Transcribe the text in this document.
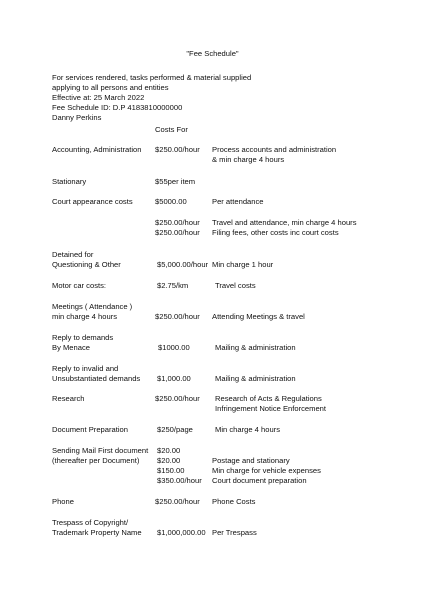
"Fee Schedule"
For services rendered, tasks performed & material supplied
applying to all persons and entities
Effective at: 25 March 2022
Fee Schedule ID: D.P 4183810000000
Danny Perkins
Costs For
Accounting, Administration $250.00/hour Process accounts and administration
& min charge 4 hours
Stationary	$55per item
Court appearance costs	$5000.00	Per attendance
$250.00/hour Travel and attendance, min charge 4 hours
$250.00/hour Filing fees, other costs inc court costs
Detained for
Questioning & Other	$5,000.00/hour Min charge 1 hour
Motor car costs:	$2.75/km	Travel costs
Meetings ( Attendance )
min charge 4 hours	$250.00/hour Attending Meetings & travel
Reply to demands
By Menace	$1000.00	Mailing & administration
Reply to invalid and
Unsubstantiated demands $1,000.00	Mailing & administration
Research	$250.00/hour Research of Acts & Regulations
Infringement Notice Enforcement
Document Preparation	$250/page	Min charge 4 hours
Sending Mail First document $20.00
(thereafter per Document) $20.00	Postage and stationary
$150.00	Min charge for vehicle expenses
$350.00/hour Court document preparation
Phone	$250.00/hour Phone Costs
Trespass of Copyright/
Trademark Property Name $1,000,000.00 Per Trespass
